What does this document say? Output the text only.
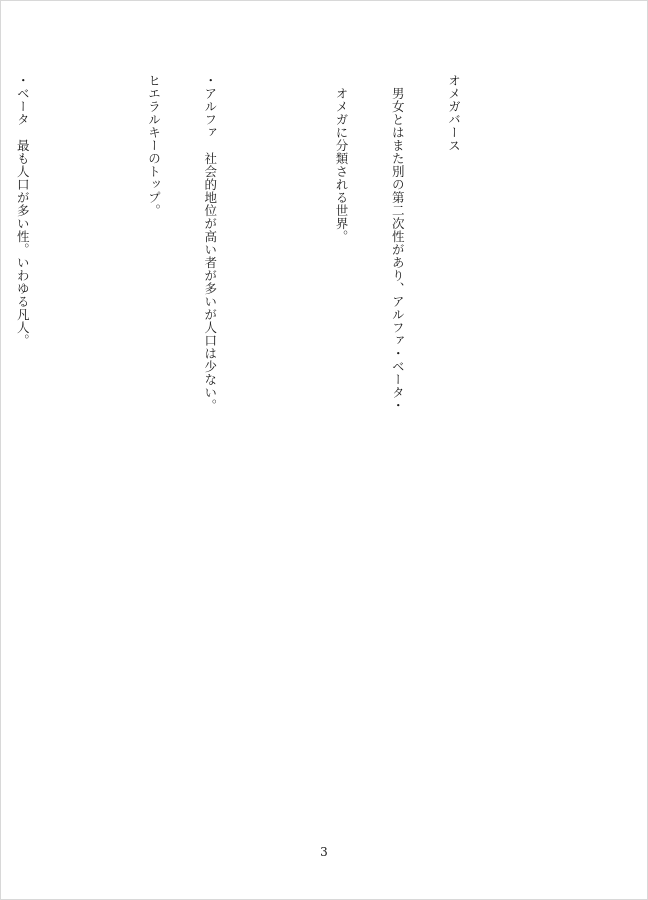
オメガバース

男女とはまた別の第二次性があり、アルファ・ベータ・

オメガに分類される世界。

・アルファ　社会的地位が高い者が多いが人口は少ない。

ヒエラルキーのトップ。

・ベータ　最も人口が多い性。いわゆる凡人。

3
